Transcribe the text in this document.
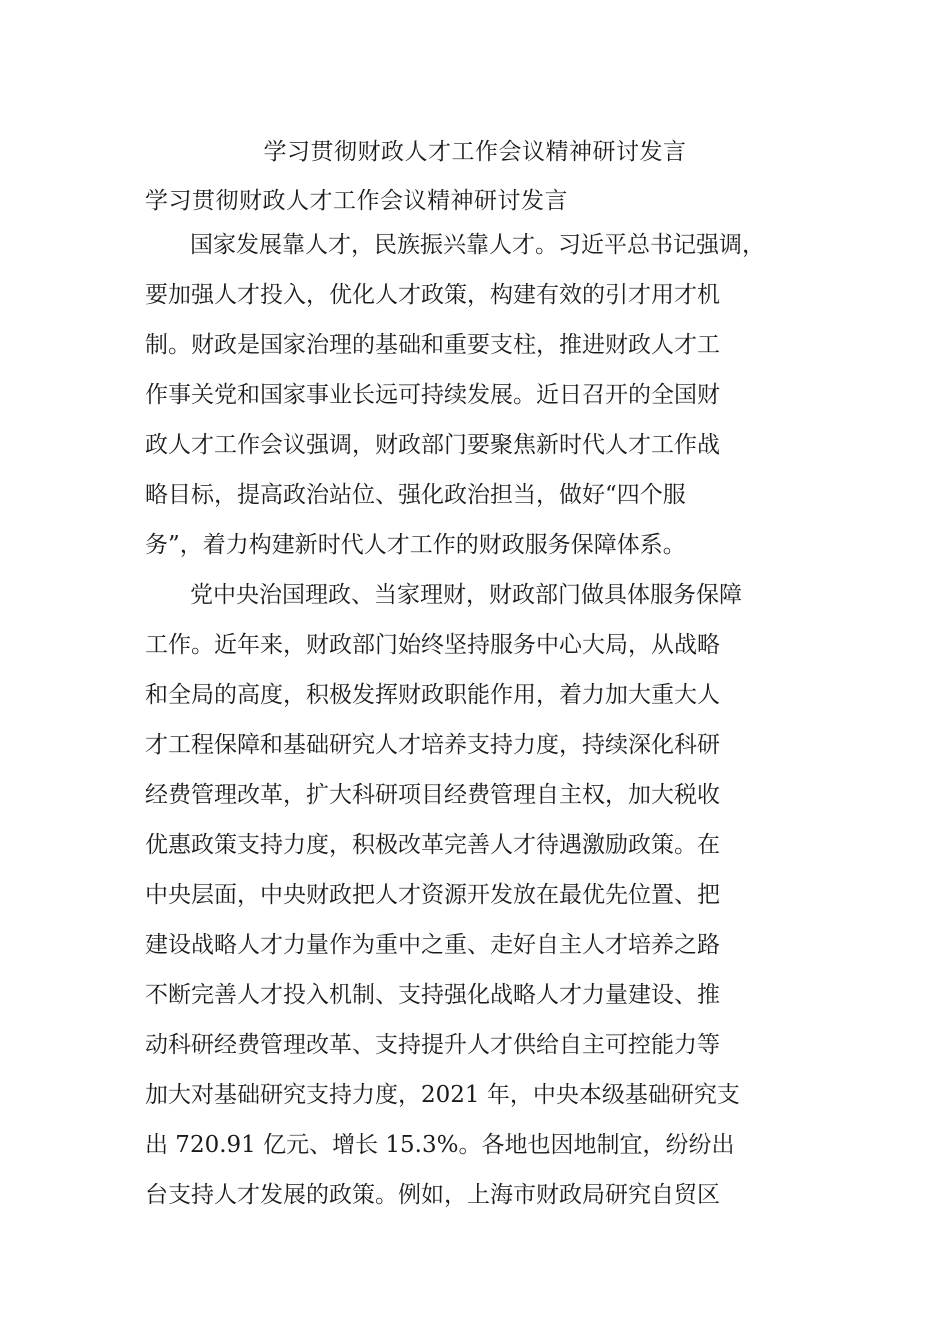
学习贯彻财政人才工作会议精神研讨发言
学习贯彻财政人才工作会议精神研讨发言
国家发展靠人才，民族振兴靠人才。习近平总书记强调，
要加强人才投入，优化人才政策，构建有效的引才用才机
制。财政是国家治理的基础和重要支柱，推进财政人才工
作事关党和国家事业长远可持续发展。近日召开的全国财
政人才工作会议强调，财政部门要聚焦新时代人才工作战
略目标，提高政治站位、强化政治担当，做好“四个服
务”，着力构建新时代人才工作的财政服务保障体系。
党中央治国理政、当家理财，财政部门做具体服务保障
工作。近年来，财政部门始终坚持服务中心大局，从战略
和全局的高度，积极发挥财政职能作用，着力加大重大人
才工程保障和基础研究人才培养支持力度，持续深化科研
经费管理改革，扩大科研项目经费管理自主权，加大税收
优惠政策支持力度，积极改革完善人才待遇激励政策。在
中央层面，中央财政把人才资源开发放在最优先位置、把
建设战略人才力量作为重中之重、走好自主人才培养之路
不断完善人才投入机制、支持强化战略人才力量建设、推
动科研经费管理改革、支持提升人才供给自主可控能力等
加大对基础研究支持力度，2021 年，中央本级基础研究支
出 720.91 亿元、增长 15.3%。各地也因地制宜，纷纷出
台支持人才发展的政策。例如，上海市财政局研究自贸区
